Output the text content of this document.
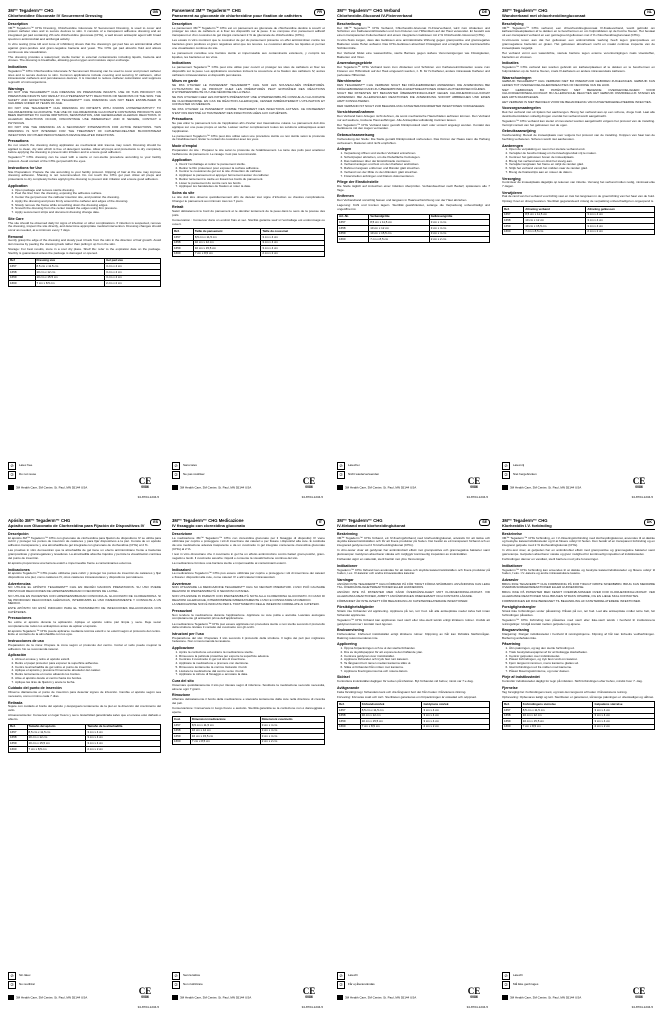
3M™ Tegaderm™ CHG
Chlorhexidine Gluconate IV Securement Dressing
GB
Description
3M™ Tegaderm™ CHG Dressing, Chlorhexidine Gluconate IV Securement Dressing, is used to cover and protect catheter sites and to secure devices to skin. It consists of a transparent adhesive dressing and an integrated gel pad containing 2% w/w chlorhexidine gluconate (CHG), a well known antiseptic agent with broad spectrum antimicrobial and antifungal activity.
In vitro testing (time kill and zone of inhibition) shows that the dressing’s gel pad has an antimicrobial effect against gram-positive and gram-negative bacteria and yeast. The CHG gel pad absorbs fluid and allows continuous site visualization.
The dressing provides a waterproof, sterile barrier to external contaminants including liquids, bacteria and viruses. The dressing is breathable, allowing good oxygen and moisture vapor exchange.
Indications
Tegaderm™ CHG Chlorhexidine Gluconate IV Securement Dressing can be used to cover and protect catheter sites and to secure devices to skin. Common applications include covering and securing IV catheters, other intravascular catheters and percutaneous devices. It is intended to reduce catheter colonization and suppress regrowth of microorganisms.
Warnings
DO NOT USE TEGADERM™ CHG DRESSING ON PREMATURE INFANTS. USE OF THIS PRODUCT ON PREMATURE INFANTS MAY RESULT IN HYPERSENSITIVITY REACTIONS OR NECROSIS OF THE SKIN. THE SAFETY AND EFFECTIVENESS OF TEGADERM™ CHG DRESSING HAS NOT BEEN ESTABLISHED IN CHILDREN UNDER 18 YEARS OF AGE.
DO NOT USE TEGADERM™ CHG DRESSING ON PATIENTS WITH KNOWN HYPERSENSITIVITY TO CHLORHEXIDINE GLUCONATE. THE USE OF CHLORHEXIDINE GLUCONATE CONTAINING PRODUCTS HAS BEEN REPORTED TO CAUSE IRRITATION, SENSITIZATION, AND GENERALIZED ALLERGIC REACTIONS. IF ALLERGIC REACTIONS OCCUR, DISCONTINUE USE IMMEDIATELY AND IF SEVERE, CONTACT A PHYSICIAN.
DO NOT USE THE DRESSING AS A SECONDARY INTERVENTION FOR ACTIVE INFECTIONS. THIS DRESSING IS NOT INTENDED FOR THE TREATMENT OF CATHETER-RELATED BLOODSTREAM INFECTIONS OR OTHER PERCUTANEOUS DEVICE RELATED INFECTIONS.
Precautions
Do not stretch the dressing during application as mechanical skin trauma may result. Dressing should be applied to clean, dry skin which is free of detergent residue. Allow all preps and protectants to dry completely before applying the dressing to prevent skin irritation and to ensure good adhesion.
Tegaderm™ CHG dressing can be used with a sterile or non-sterile procedure according to your facility protocol. Avoid contact of the CHG gel pad with the eyes.
Instructions for Use
Site Preparation: Prepare the site according to your facility protocol. Clipping of hair at the site may improve dressing adhesion. Shaving is not recommended. Do not touch the CHG gel pad. Allow all preps and protectants to dry completely before applying the dressing to prevent skin irritation and ensure good adhesion.
Application
1. Open package and remove sterile dressing.
2. Peel the liner from the dressing, exposing the adhesive surface.
3. Center the gel pad over the catheter insertion site, and position the dressing.
4. Apply the dressing and press firmly around the catheter and edges of the dressing.
5. Slowly remove the frame while smoothing down the dressing edges.
6. Smooth the dressing from the center toward the edges using firm pressure.
7. Apply securement strips and document dressing change date.
Site Care
The site should be observed daily for signs of infection or other complications. If infection is suspected, remove the dressing, inspect the site directly, and determine appropriate medical intervention. Dressing changes should occur as needed, at a minimum every 7 days.
Removal
Gently grasp the edge of the dressing and slowly peel it back from the skin in the direction of hair growth. Avoid skin trauma by peeling the dressing back rather than pulling it up from the skin.
Storage: For best results, store in a cool dry place. Shelf life: refer to the expiration date on the package. Sterility is guaranteed unless the package is damaged or opened.
Ref	Dressing size	Gel pad size
1657	8.5 cm x 11.5 cm	3 cm x 4 cm
1658	10 cm x 12 cm	3 cm x 4 cm
1659	10 cm x 15.5 cm	3 cm x 4 cm
1660	7 cm x 8.5 cm	2 cm x 2 cm
⊘	Latex free
②	Do not reuse
3M Health Care, 3M Center, St. Paul, MN 55144 USA
CE
0086
34-8704-1234-5
Pansement 3M™ Tegaderm™ CHG
Pansement au gluconate de chlorhexidine pour fixation de cathéters
FR
Description
Le pansement 3M™ Tegaderm™ CHG est un pansement au gluconate de chlorhexidine destiné à couvrir et protéger les sites de cathéters et à fixer les dispositifs sur la peau. Il se compose d’un pansement adhésif transparent et d’un coussinet de gel intégré contenant 2 % de gluconate de chlorhexidine (CHG).
Les essais in vitro montrent que le coussinet de gel du pansement présente un effet antimicrobien contre les bactéries gram positives et gram négatives ainsi que les levures. Le coussinet absorbe les liquides et permet une visualisation continue du site.
Le pansement constitue une barrière stérile et imperméable aux contaminants extérieurs, y compris les liquides, les bactéries et les virus.
Indications
Le pansement Tegaderm™ CHG peut être utilisé pour couvrir et protéger les sites de cathéters et fixer les dispositifs sur la peau. Les applications courantes incluent la couverture et la fixation des cathéters IV, autres cathéters intravasculaires et dispositifs percutanés.
Mises en garde
NE PAS UTILISER LE PANSEMENT TEGADERM™ CHG SUR LES NOUVEAU-NÉS PRÉMATURÉS. L’UTILISATION DE CE PRODUIT CHEZ LES PRÉMATURÉS PEUT ENTRAÎNER DES RÉACTIONS D’HYPERSENSIBILITÉ OU UNE NÉCROSE DE LA PEAU.
NE PAS UTILISER CHEZ LES PATIENTS PRÉSENTANT UNE HYPERSENSIBILITÉ CONNUE AU GLUCONATE DE CHLORHEXIDINE. EN CAS DE RÉACTION ALLERGIQUE, CESSER IMMÉDIATEMENT L’UTILISATION ET CONSULTER UN MÉDECIN.
NE PAS UTILISER LE PANSEMENT COMME TRAITEMENT DES INFECTIONS ACTIVES. CE PANSEMENT N’EST PAS DESTINÉ AU TRAITEMENT DES INFECTIONS LIÉES AUX CATHÉTERS.
Précautions
Ne pas étirer le pansement lors de l’application afin d’éviter tout traumatisme cutané. Le pansement doit être appliqué sur une peau propre et sèche. Laisser sécher complètement toutes les solutions antiseptiques avant l’application.
Le pansement Tegaderm™ CHG peut être utilisé selon une procédure stérile ou non stérile selon le protocole de l’établissement. Éviter le contact du coussinet avec les yeux.
Mode d’emploi
Préparation du site : Préparer le site selon le protocole de l’établissement. La tonte des poils peut améliorer l’adhérence du pansement. Le rasage n’est pas recommandé.
Application
1. Ouvrir l’emballage et retirer le pansement stérile.
2. Retirer le film protecteur pour exposer la surface adhésive.
3. Centrer le coussinet de gel sur le site d’insertion du cathéter.
4. Appliquer le pansement et appuyer fermement autour du cathéter.
5. Retirer lentement le cadre en lissant les bords du pansement.
6. Lisser le pansement du centre vers les bords.
7. Appliquer les bandelettes de fixation et noter la date.
Soins du site
Le site doit être observé quotidiennement afin de déceler tout signe d’infection ou d’autres complications. Changer le pansement au minimum tous les 7 jours.
Retrait
Saisir délicatement le bord du pansement et le décoller lentement de la peau dans le sens de la pousse des poils.
Conservation : Conserver dans un endroit frais et sec. Stérilité garantie sauf si l’emballage est endommagé ou ouvert.
Réf.	Taille du pansement	Taille du coussinet
1657	8,5 cm x 11,5 cm	3 cm x 4 cm
1658	10 cm x 12 cm	3 cm x 4 cm
1659	10 cm x 15,5 cm	3 cm x 4 cm
1660	7 cm x 8,5 cm	2 cm x 2 cm
⊘	Sans latex
②	Ne pas réutiliser
3M Health Care, 3M Center, St. Paul, MN 55144 USA
CE
0086
34-8704-1234-5
3M™ Tegaderm™ CHG Verband
Chlorhexidin-Gluconat IV-Fixierverband
DE
Beschreibung
Der 3M™ Tegaderm™ CHG Verband, Chlorhexidin-Gluconat IV-Fixierverband, wird zum Abdecken und Schützen von Kathetereintrittsstellen und zum Fixieren von Hilfsmitteln auf der Haut verwendet. Er besteht aus einem transparenten Folienverband und einem integrierten Gelkissen mit 2 % Chlorhexidin-Gluconat (CHG).
In-vitro-Tests zeigen, dass das Gelkissen eine antimikrobielle Wirkung gegen grampositive und gramnegative Bakterien sowie Hefen aufweist. Das CHG-Gelkissen absorbiert Flüssigkeit und ermöglicht eine kontinuierliche Sichtkontrolle.
Der Verband bildet eine wasserdichte, sterile Barriere gegen äußere Verunreinigungen wie Flüssigkeiten, Bakterien und Viren.
Anwendungsgebiete
Der Tegaderm™ CHG Verband kann zum Abdecken und Schützen von Kathetereintrittsstellen sowie zum Fixieren von Hilfsmitteln auf der Haut eingesetzt werden, z. B. für IV-Katheter, andere intravasale Katheter und perkutane Hilfsmittel.
Warnhinweise
DEN TEGADERM™ CHG VERBAND NICHT BEI FRÜHGEBORENEN ANWENDEN. DIE ANWENDUNG BEI FRÜHGEBORENEN KANN ZU ÜBEREMPFINDLICHKEITSREAKTIONEN ODER HAUTNEKROSEN FÜHREN.
NICHT BEI PATIENTEN MIT BEKANNTER ÜBEREMPFINDLICHKEIT GEGEN CHLORHEXIDIN-GLUCONAT ANWENDEN. BEI ALLERGISCHEN REAKTIONEN DIE ANWENDUNG SOFORT ABBRECHEN UND EINEN ARZT KONSULTIEREN.
DER VERBAND IST NICHT ZUR BEHANDLUNG KATHETERASSOZIIERTER INFEKTIONEN VORGESEHEN.
Vorsichtsmaßnahmen
Den Verband beim Anlegen nicht dehnen, da sonst mechanische Hautschäden auftreten können. Den Verband nur auf saubere, trockene Haut aufbringen. Alle Antiseptika vollständig trocknen lassen.
Der Tegaderm™ CHG Verband kann gemäß Klinikprotokoll steril oder unsteril angelegt werden. Kontakt des Gelkissens mit den Augen vermeiden.
Gebrauchsanweisung
Vorbereitung der Stelle: Die Stelle gemäß Klinikprotokoll vorbereiten. Das Kürzen der Haare kann die Haftung verbessern. Rasieren wird nicht empfohlen.
Anlegen
1. Verpackung öffnen und sterilen Verband entnehmen.
2. Schutzpapier abziehen, um die Klebefläche freizulegen.
3. Das Gelkissen über der Einstichstelle zentrieren.
4. Verband anlegen und fest um den Katheter andrücken.
5. Rahmen langsam entfernen und Ränder glatt streichen.
6. Verband von der Mitte zu den Rändern glatt streichen.
7. Fixierstreifen anbringen und Datum dokumentieren.
Pflege der Einstichstelle
Die Stelle täglich auf Anzeichen einer Infektion überprüfen. Verbandwechsel nach Bedarf, spätestens alle 7 Tage.
Entfernen
Den Verbandrand vorsichtig fassen und langsam in Haarwuchsrichtung von der Haut abziehen.
Lagerung: Kühl und trocken lagern. Sterilität gewährleistet, solange die Verpackung unbeschädigt und ungeöffnet ist.
Art.-Nr.	Verbandgröße	Gelkissengröße
1657	8,5 cm x 11,5 cm	3 cm x 4 cm
1658	10 cm x 12 cm	3 cm x 4 cm
1659	10 cm x 15,5 cm	3 cm x 4 cm
1660	7 cm x 8,5 cm	2 cm x 2 cm
⊘	Latexfrei
②	Nicht wiederverwenden
3M Health Care, 3M Center, St. Paul, MN 55144 USA
CE
0086
34-8704-1234-5
3M™ Tegaderm™ CHG
Wondverband met chloorhexidinegluconaat
NL
Beschrijving
3M™ Tegaderm™ CHG verband, een chloorhexidinegluconaat IV-fixatieverband, wordt gebruikt om katheterinsteekplaatsen af te dekken en te beschermen en om hulpmiddelen op de huid te fixeren. Het bestaat uit een transparant verband en een geïntegreerd gelkussen met 2 % chloorhexidinegluconaat (CHG).
In-vitro-tests tonen aan dat het gelkussen een antimicrobiële werking heeft tegen grampositieve en gramnegatieve bacteriën en gisten. Het gelkussen absorbeert vocht en maakt continue inspectie van de insteekplaats mogelijk.
Het verband vormt een waterdichte, steriele barrière tegen externe verontreinigingen zoals vloeistoffen, bacteriën en virussen.
Indicaties
Tegaderm™ CHG verband kan worden gebruikt om katheterplaatsen af te dekken en te beschermen en hulpmiddelen op de huid te fixeren, zoals IV-katheters en andere intravasculaire katheters.
Waarschuwingen
GEBRUIK TEGADERM™ CHG VERBAND NIET BIJ PREMATUUR GEBOREN ZUIGELINGEN. GEBRUIK KAN LEIDEN TOT OVERGEVOELIGHEIDSREACTIES OF NECROSE VAN DE HUID.
NIET GEBRUIKEN BIJ PATIËNTEN MET BEKENDE OVERGEVOELIGHEID VOOR CHLOORHEXIDINEGLUCONAAT. BIJ ALLERGISCHE REACTIES HET GEBRUIK ONMIDDELLIJK STAKEN EN EEN ARTS RAADPLEGEN.
HET VERBAND IS NIET BEDOELD VOOR DE BEHANDELING VAN KATHETERGERELATEERDE INFECTIES.
Voorzorgsmaatregelen
Rek het verband niet uit tijdens het aanbrengen. Breng het verband aan op een schone, droge huid. Laat alle desinfectiemiddelen volledig drogen voordat het verband wordt aangebracht.
Tegaderm™ CHG verband kan steriel of niet-steriel worden aangebracht volgens het protocol van de instelling. Vermijd contact van het gelkussen met de ogen.
Gebruiksaanwijzing
Voorbereiding: Bereid de insteekplaats voor volgens het protocol van de instelling. Knippen van haar kan de hechting verbeteren. Scheren wordt niet aanbevolen.
Aanbrengen
1. Open de verpakking en neem het steriele verband eruit.
2. Verwijder de beschermlaag om het kleefoppervlak vrij te maken.
3. Centreer het gelkussen boven de insteekplaats.
4. Breng het verband aan en druk het stevig aan.
5. Verwijder langzaam het frame en strijk de randen glad.
6. Strijk het verband vanuit het midden naar de randen glad.
7. Breng de fixatiestrips aan en noteer de datum.
Verzorging
Controleer de insteekplaats dagelijks op tekenen van infectie. Vervang het verband indien nodig, minimaal elke 7 dagen.
Verwijderen
Pak de rand van het verband voorzichtig vast en trek het langzaam in de groeirichting van het haar van de huid.
Opslag: Koel en droog bewaren. Steriliteit gegarandeerd zolang de verpakking onbeschadigd en ongeopend is.
Ref.	Afmeting verband	Afmeting gelkussen
1657	8,5 cm x 11,5 cm	3 cm x 4 cm
1658	10 cm x 12 cm	3 cm x 4 cm
1659	10 cm x 15,5 cm	3 cm x 4 cm
1660	7 cm x 8,5 cm	2 cm x 2 cm
⊘	Latexvrij
②	Niet hergebruiken
3M Health Care, 3M Center, St. Paul, MN 55144 USA
CE
0086
34-8704-1234-5
Apósito 3M™ Tegaderm™ CHG
Apósito con Gluconato de Clorhexidina para Fijación de Dispositivos IV
ES
Descripción
El apósito 3M™ Tegaderm™ CHG con gluconato de clorhexidina para fijación de dispositivos IV se utiliza para cubrir y proteger los puntos de inserción de catéteres y para fijar dispositivos a la piel. Consta de un apósito adhesivo transparente y una almohadilla de gel integrada con gluconato de clorhexidina (CHG) al 2 %.
Las pruebas in vitro demuestran que la almohadilla de gel tiene un efecto antimicrobiano frente a bacterias grampositivas y gramnegativas y levaduras. La almohadilla absorbe líquidos y permite la visualización continua del punto de inserción.
El apósito proporciona una barrera estéril e impermeable frente a contaminantes externos.
Indicaciones
El apósito Tegaderm™ CHG puede utilizarse para cubrir y proteger los puntos de inserción de catéteres y fijar dispositivos a la piel, como catéteres IV, otros catéteres intravasculares y dispositivos percutáneos.
Advertencias
NO UTILICE EL APÓSITO TEGADERM™ CHG EN RECIÉN NACIDOS PREMATUROS. SU USO PUEDE PROVOCAR REACCIONES DE HIPERSENSIBILIDAD O NECROSIS DE LA PIEL.
NO UTILICE EN PACIENTES CON HIPERSENSIBILIDAD CONOCIDA AL GLUCONATO DE CLORHEXIDINA. SI SE PRODUCEN REACCIONES ALÉRGICAS, INTERRUMPA EL USO INMEDIATAMENTE Y CONSULTE A UN MÉDICO.
ESTE APÓSITO NO ESTÁ INDICADO PARA EL TRATAMIENTO DE INFECCIONES RELACIONADAS CON CATÉTERES.
Precauciones
No estire el apósito durante la aplicación. Aplique el apósito sobre piel limpia y seca. Deje secar completamente todos los antisépticos antes de aplicar el apósito.
El apósito Tegaderm™ CHG puede aplicarse mediante técnica estéril o no estéril según el protocolo del centro. Evite el contacto de la almohadilla con los ojos.
Instrucciones de uso
Preparación de la zona: Prepare la zona según el protocolo del centro. Cortar el vello puede mejorar la adhesión. No se recomienda rasurar.
Aplicación
1. Abra el envase y retire el apósito estéril.
2. Retire el papel protector para exponer la superficie adhesiva.
3. Centre la almohadilla de gel sobre el punto de inserción.
4. Aplique el apósito y presione firmemente alrededor del catéter.
5. Retire lentamente el marco alisando los bordes.
6. Alise el apósito desde el centro hacia los bordes.
7. Aplique las tiras de fijación y anote la fecha.
Cuidado del punto de inserción
Observe diariamente el punto de inserción para detectar signos de infección. Cambie el apósito según sea necesario, como mínimo cada 7 días.
Retirada
Sujete con cuidado el borde del apósito y despéguelo lentamente de la piel en la dirección del crecimiento del vello.
Almacenamiento: Conservar en lugar fresco y seco. Esterilidad garantizada salvo que el envase esté dañado o abierto.
Ref.	Tamaño del apósito	Tamaño de la almohadilla
1657	8,5 cm x 11,5 cm	3 cm x 4 cm
1658	10 cm x 12 cm	3 cm x 4 cm
1659	10 cm x 15,5 cm	3 cm x 4 cm
1660	7 cm x 8,5 cm	2 cm x 2 cm
⊘	Sin látex
②	No reutilizar
3M Health Care, 3M Center, St. Paul, MN 55144 USA
CE
0086
34-8704-1234-5
3M™ Tegaderm™ CHG Medicazione
IV fissaggio con clorexidina gluconato
IT
Descrizione
La medicazione 3M™ Tegaderm™ CHG con clorexidina gluconato per il fissaggio di dispositivi IV viene utilizzata per coprire e proteggere i siti di inserzione dei cateteri e per fissare i dispositivi alla cute. È costituita da una medicazione adesiva trasparente e da un cuscinetto in gel integrato contenente clorexidina gluconato (CHG) al 2 %.
I test in vitro dimostrano che il cuscinetto in gel ha un effetto antimicrobico contro batteri gram-positivi, gram-negativi e lieviti. Il cuscinetto assorbe i liquidi e consente la visualizzazione continua del sito.
La medicazione fornisce una barriera sterile e impermeabile ai contaminanti esterni.
Indicazioni
La medicazione Tegaderm™ CHG può essere utilizzata per coprire e proteggere i siti di inserzione dei cateteri e fissare i dispositivi alla cute, come cateteri IV e altri cateteri intravascolari.
Avvertenze
NON UTILIZZARE LA MEDICAZIONE TEGADERM™ CHG SU NEONATI PREMATURI. L’USO PUÒ CAUSARE REAZIONI DI IPERSENSIBILITÀ O NECROSI CUTANEA.
NON UTILIZZARE IN PAZIENTI CON IPERSENSIBILITÀ NOTA ALLA CLOREXIDINA GLUCONATO. IN CASO DI REAZIONI ALLERGICHE, INTERROMPERE IMMEDIATAMENTE L’USO E CONSULTARE UN MEDICO.
LA MEDICAZIONE NON È INDICATA PER IL TRATTAMENTO DELLE INFEZIONI CORRELATE AI CATETERI.
Precauzioni
Non tendere la medicazione durante l’applicazione. Applicare su cute pulita e asciutta. Lasciare asciugare completamente gli antisettici prima dell’applicazione.
La medicazione Tegaderm™ CHG può essere applicata con procedura sterile o non sterile secondo il protocollo della struttura. Evitare il contatto del cuscinetto con gli occhi.
Istruzioni per l’uso
Preparazione del sito: Preparare il sito secondo il protocollo della struttura. Il taglio dei peli può migliorare l’adesione. Non si raccomanda la rasatura.
Applicazione
1. Aprire la confezione ed estrarre la medicazione sterile.
2. Rimuovere la pellicola protettiva per esporre la superficie adesiva.
3. Centrare il cuscinetto in gel sul sito di inserzione.
4. Applicare la medicazione e premere con decisione.
5. Rimuovere lentamente la cornice lisciando i bordi.
6. Lisciare la medicazione dal centro verso i bordi.
7. Applicare le strisce di fissaggio e annotare la data.
Cura del sito
Osservare quotidianamente il sito per rilevare segni di infezione. Sostituire la medicazione secondo necessità, almeno ogni 7 giorni.
Rimozione
Afferrare delicatamente il bordo della medicazione e staccarla lentamente dalla cute nella direzione di crescita dei peli.
Conservazione: Conservare in luogo fresco e asciutto. Sterilità garantita se la confezione non è danneggiata o aperta.
Cod.	Dimensioni medicazione	Dimensioni cuscinetto
1657	8,5 cm x 11,5 cm	3 cm x 4 cm
1658	10 cm x 12 cm	3 cm x 4 cm
1659	10 cm x 15,5 cm	3 cm x 4 cm
1660	7 cm x 8,5 cm	2 cm x 2 cm
⊘	Senza lattice
②	Non riutilizzare
3M Health Care, 3M Center, St. Paul, MN 55144 USA
CE
0086
34-8704-1234-5
3M™ Tegaderm™ CHG
IV-förband med klorhexidinglukonat
SE
Beskrivning
3M™ Tegaderm™ CHG förband, ett IV-fixeringsförband med klorhexidinglukonat, används för att täcka och skydda kateterinstickställen och för att fixera produkter på huden. Det består av ett transparent förband och en integrerad geldyna med 2 % klorhexidinglukonat (CHG).
In vitro-tester visar att geldynan har antimikrobiell effekt mot grampositiva och gramnegativa bakterier samt jästsvampar. Geldynan absorberar vätska och möjliggör kontinuerlig inspektion av instickstället.
Förbandet utgör en vattentät, steril barriär mot yttre föroreningar.
Indikationer
Tegaderm™ CHG förband kan användas för att täcka och skydda kateterinstickställen och fixera produkter på huden, t.ex. IV-katetrar och andra intravaskulära katetrar.
Varningar
ANVÄND INTE TEGADERM™ CHG FÖRBAND PÅ FÖR TIDIGT FÖDDA SPÄDBARN. ANVÄNDNING KAN LEDA TILL ÖVERKÄNSLIGHETSREAKTIONER ELLER HUDNEKROS.
ANVÄND INTE PÅ PATIENTER MED KÄND ÖVERKÄNSLIGHET MOT KLORHEXIDINGLUKONAT. VID ALLERGISKA REAKTIONER, AVBRYT ANVÄNDNINGEN OMEDELBART OCH KONTAKTA LÄKARE.
FÖRBANDET ÄR INTE AVSETT FÖR BEHANDLING AV KATETERRELATERADE INFEKTIONER.
Försiktighetsåtgärder
Sträck inte förbandet vid applicering. Applicera på ren, torr hud. Låt alla antiseptiska medel torka helt innan förbandet appliceras.
Tegaderm™ CHG förband kan appliceras med steril eller icke-steril teknik enligt klinikens rutiner. Undvik att geldynan kommer i kontakt med ögonen.
Bruksanvisning
Förberedelse: Förbered instickstället enligt klinikens rutiner. Klippning av hår kan förbättra fästförmågan. Rakning rekommenderas inte.
Applicering
1. Öppna förpackningen och ta ut det sterila förbandet.
2. Dra av skyddspappret för att exponera den häftande ytan.
3. Centrera geldynan över instickstället.
4. Applicera förbandet och tryck fast runt katetern.
5. Ta långsamt bort ramen medan kanterna släts ut.
6. Släta ut förbandet från mitten mot kanterna.
7. Applicera fixeringsremsorna och notera datum.
Skötsel
Kontrollera instickstället dagligen för tecken på infektion. Byt förbandet vid behov, minst var 7:e dag.
Avlägsnande
Fatta försiktigt tag i förbandets kant och dra långsamt bort det från huden i hårväxtens riktning.
Förvaring: Förvaras svalt och torrt. Steriliteten garanteras om förpackningen är oskadad och oöppnad.
Ref.	Förbandsstorlek	Geldynans storlek
1657	8,5 cm x 11,5 cm	3 cm x 4 cm
1658	10 cm x 12 cm	3 cm x 4 cm
1659	10 cm x 15,5 cm	3 cm x 4 cm
1660	7 cm x 8,5 cm	2 cm x 2 cm
⊘	Latexfri
②	Får ej återanvändas
3M Health Care, 3M Center, St. Paul, MN 55144 USA
CE
0086
34-8704-1234-5
3M™ Tegaderm™ CHG
Klorhexidin I.V. forbinding
DK
Beskrivelse
3M™ Tegaderm™ CHG forbinding, en I.V.-fikseringsforbinding med klorhexidinglukonat, anvendes til at dække og beskytte kateterindstikssteder og til at fiksere udstyr til huden. Den består af en transparent forbinding og en integreret gelpude med 2 % klorhexidinglukonat (CHG).
In vitro-test viser, at gelpuden har en antimikrobiel effekt mod grampositive og gramnegative bakterier samt gærsvampe. Gelpuden absorberer væske og giver mulighed for kontinuerlig inspektion af indstiksstedet.
Forbindingen danner en vandtæt, steril barriere mod ydre forureninger.
Indikationer
Tegaderm™ CHG forbinding kan anvendes til at dække og beskytte kateterindstikssteder og fiksere udstyr til huden, f.eks. I.V.-katetre og andre intravaskulære katetre.
Advarsler
BRUG IKKE TEGADERM™ CHG FORBINDING PÅ FOR TIDLIGT FØDTE SPÆDBØRN. BRUG KAN MEDFØRE OVERFØLSOMHEDSREAKTIONER ELLER HUDNEKROSE.
BRUG IKKE PÅ PATIENTER MED KENDT OVERFØLSOMHED OVER FOR KLORHEXIDINGLUKONAT. VED ALLERGISKE REAKTIONER SKAL BRUGEN STRAKS OPHØRE, OG EN LÆGE SKAL KONTAKTES.
FORBINDINGEN ER IKKE BEREGNET TIL BEHANDLING AF KATETERRELATEREDE INFEKTIONER.
Forsigtighedsregler
Stræk ikke forbindingen under påsætning. Påsæt på ren, tør hud. Lad alle antiseptiske midler tørre helt, før forbindingen påsættes.
Tegaderm™ CHG forbinding kan påsættes med steril eller ikke-steril teknik i henhold til institutionens retningslinjer. Undgå kontakt mellem gelpuden og øjnene.
Brugsanvisning
Klargøring: Klargør indstiksstedet i henhold til retningslinjerne. Klipning af hår kan forbedre vedhæftningen. Barbering anbefales ikke.
Påsætning
1. Åbn pakningen, og tag den sterile forbinding ud.
2. Træk beskyttelsespapiret af for at blotlægge klæbefladen.
3. Centrér gelpuden over indstiksstedet.
4. Påsæt forbindingen, og tryk fast rundt om katetret.
5. Fjern langsomt rammen, mens kanterne glattes ud.
6. Glat forbindingen ud fra midten mod kanterne.
7. Påsæt fikseringsstrimlerne, og noter datoen.
Pleje af indstiksstedet
Kontrollér indstiksstedet dagligt for tegn på infektion. Skift forbindingen efter behov, mindst hver 7. dag.
Fjernelse
Tag forsigtigt fat i forbindingens kant, og træk den langsomt af huden i hårvækstens retning.
Opbevaring: Opbevares køligt og tørt. Steriliteten er garanteret, så længe pakningen er ubeskadiget og uåbnet.
Ref.	Forbindingens størrelse	Gelpudens størrelse
1657	8,5 cm x 11,5 cm	3 cm x 4 cm
1658	10 cm x 12 cm	3 cm x 4 cm
1659	10 cm x 15,5 cm	3 cm x 4 cm
1660	7 cm x 8,5 cm	2 cm x 2 cm
⊘	Latexfri
②	Må ikke genbruges
3M Health Care, 3M Center, St. Paul, MN 55144 USA
CE
0086
34-8704-1234-5
